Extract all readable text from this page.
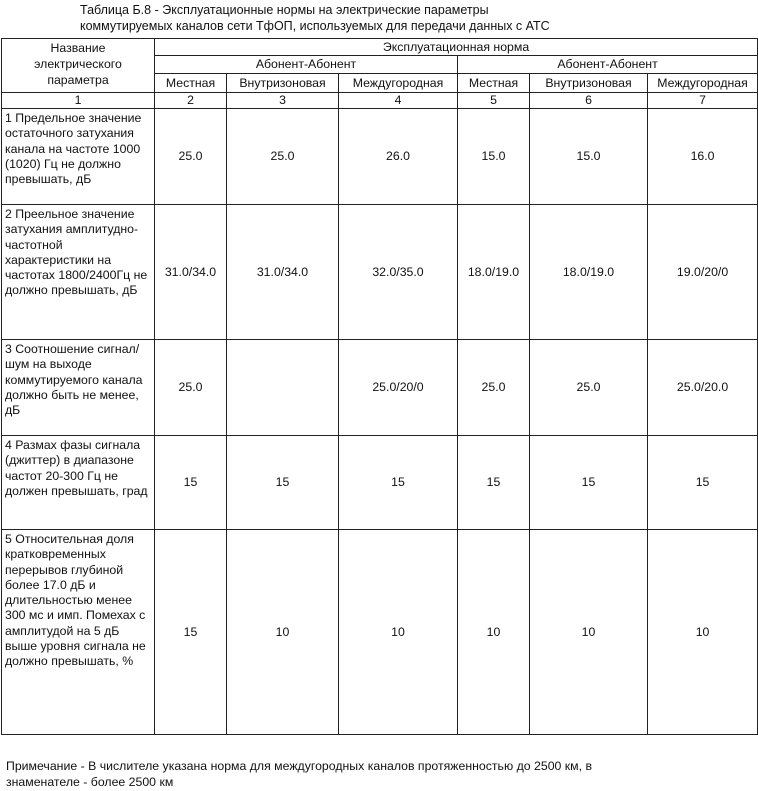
Таблица Б.8 - Эксплуатационные нормы на электрические параметры
коммутируемых каналов сети ТфОП, используемых для передачи данных с АТС
Название электрического параметра	Эксплуатационная норма					
	Абонент-Абонент			Абонент-Абонент		
	Местная	Внутризоновая	Междугородная	Местная	Внутризоновая	Междугородная
1	2	3	4	5	6	7
1 Предельное значение остаточного затухания канала на частоте 1000 (1020) Гц не должно превышать, дБ	25.0	25.0	26.0	15.0	15.0	16.0
2 Преельное значение затухания амплитудно-частотной характеристики на частотах 1800/2400Гц не должно превышать, дБ	31.0/34.0	31.0/34.0	32.0/35.0	18.0/19.0	18.0/19.0	19.0/20/0
3 Соотношение сигнал/шум на выходе коммутируемого канала должно быть не менее, дБ	25.0		25.0/20/0	25.0	25.0	25.0/20.0
4 Размах фазы сигнала (джиттер) в диапазоне частот 20-300 Гц не должен превышать, град	15	15	15	15	15	15
5 Относительная доля кратковременных перерывов глубиной более 17.0 дБ и длительностью менее 300 мс и имп. Помехах с амплитудой на 5 дБ выше уровня сигнала не должно превышать, %	15	10	10	10	10	10
Примечание - В числителе указана норма для междугородных каналов протяженностью до 2500 км, в
знаменателе - более 2500 км
